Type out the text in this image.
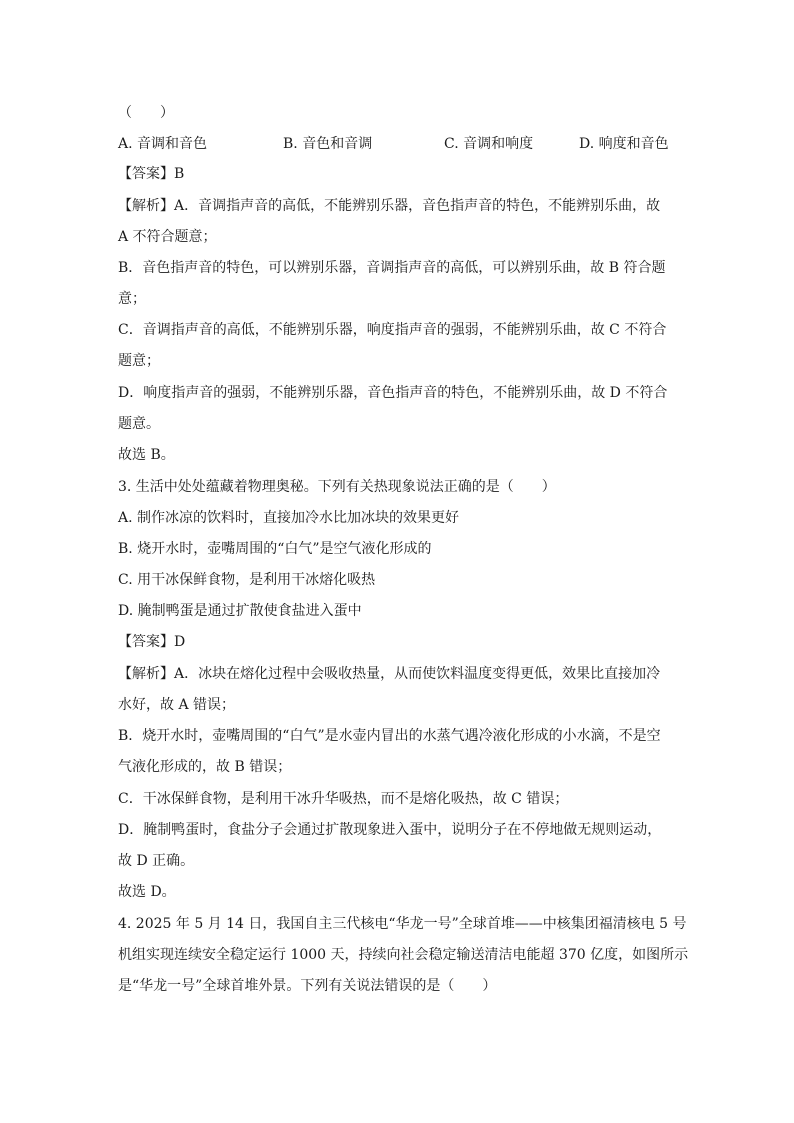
（　　）
A. 音调和音色	B. 音色和音调	C. 音调和响度	D. 响度和音色
【答案】B
【解析】A．音调指声音的高低，不能辨别乐器，音色指声音的特色，不能辨别乐曲，故
A 不符合题意；
B．音色指声音的特色，可以辨别乐器，音调指声音的高低，可以辨别乐曲，故 B 符合题
意；
C．音调指声音的高低，不能辨别乐器，响度指声音的强弱，不能辨别乐曲，故 C 不符合
题意；
D．响度指声音的强弱，不能辨别乐器，音色指声音的特色，不能辨别乐曲，故 D 不符合
题意。
故选 B。
3. 生活中处处蕴藏着物理奥秘。下列有关热现象说法正确的是（　　）
A. 制作冰凉的饮料时，直接加冷水比加冰块的效果更好
B. 烧开水时，壶嘴周围的“白气”是空气液化形成的
C. 用干冰保鲜食物，是利用干冰熔化吸热
D. 腌制鸭蛋是通过扩散使食盐进入蛋中
【答案】D
【解析】A．冰块在熔化过程中会吸收热量，从而使饮料温度变得更低，效果比直接加冷
水好，故 A 错误；
B．烧开水时，壶嘴周围的“白气”是水壶内冒出的水蒸气遇冷液化形成的小水滴，不是空
气液化形成的，故 B 错误；
C．干冰保鲜食物，是利用干冰升华吸热，而不是熔化吸热，故 C 错误；
D．腌制鸭蛋时，食盐分子会通过扩散现象进入蛋中，说明分子在不停地做无规则运动，
故 D 正确。
故选 D。
4. 2025 年 5 月 14 日，我国自主三代核电“华龙一号”全球首堆——中核集团福清核电 5 号
机组实现连续安全稳定运行 1000 天，持续向社会稳定输送清洁电能超 370 亿度，如图所示
是“华龙一号”全球首堆外景。下列有关说法错误的是（　　）
